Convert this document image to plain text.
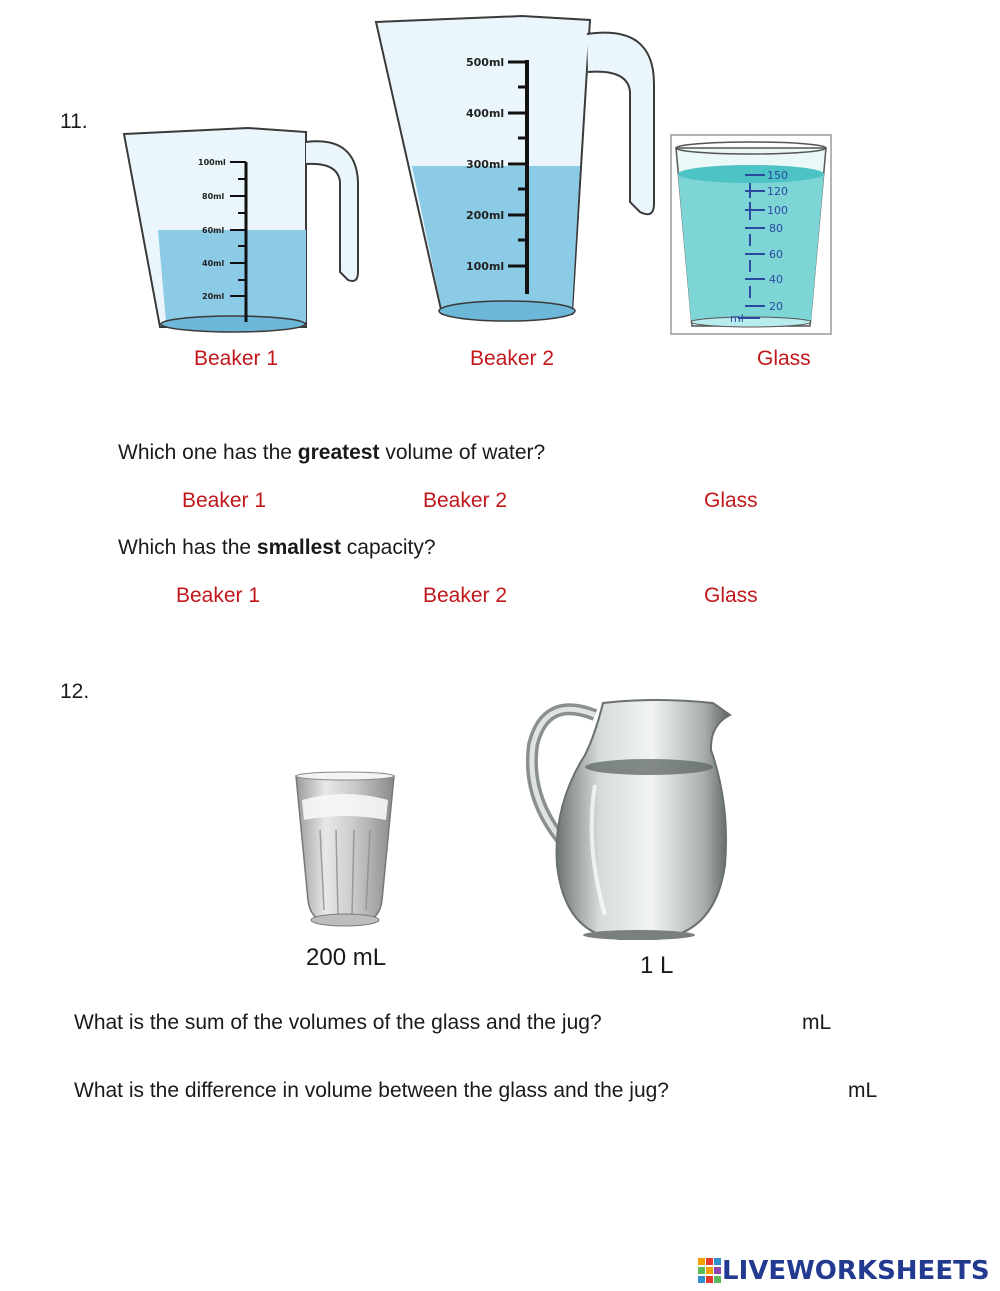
11.
100ml
80ml
60ml
40ml
20ml
500ml
400ml
300ml
200ml
100ml
150
120
100
80
60
40
20
ml
Beaker 1	Beaker 2	Glass
Which one has the greatest volume of water?
Beaker 1	Beaker 2	Glass
Which has the smallest capacity?
Beaker 1	Beaker 2	Glass
12.
200 mL	1 L
What is the sum of the volumes of the glass and the jug?	mL
What is the difference in volume between the glass and the jug?	mL
LIVEWORKSHEETS
